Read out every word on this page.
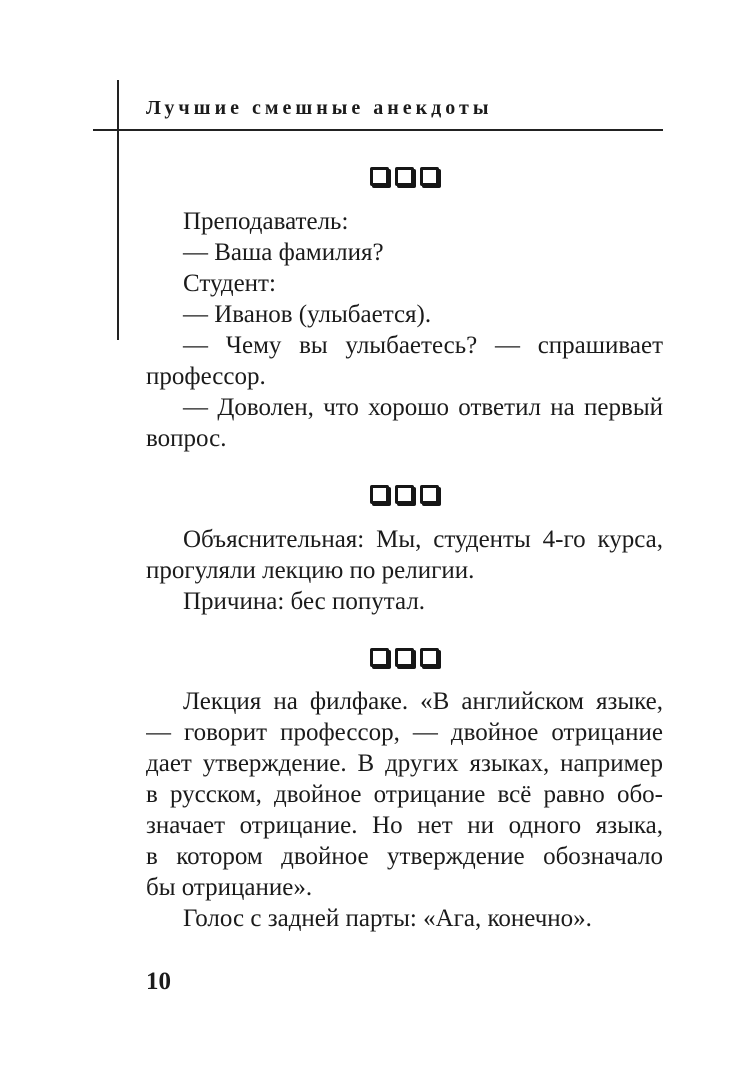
Лучшие смешные анекдоты
Преподаватель:
— Ваша фамилия?
Студент:
— Иванов (улыбается).
— Чему вы улыбаетесь? — спрашивает
профессор.
— Доволен, что хорошо ответил на первый
вопрос.
Объяснительная: Мы, студенты 4-го курса,
прогуляли лекцию по религии.
Причина: бес попутал.
Лекция на филфаке. «В английском языке,
— говорит профессор, — двойное отрицание
дает утверждение. В других языках, например
в русском, двойное отрицание всё равно обо-
значает отрицание. Но нет ни одного языка,
в котором двойное утверждение обозначало
бы отрицание».
Голос с задней парты: «Ага, конечно».
10
